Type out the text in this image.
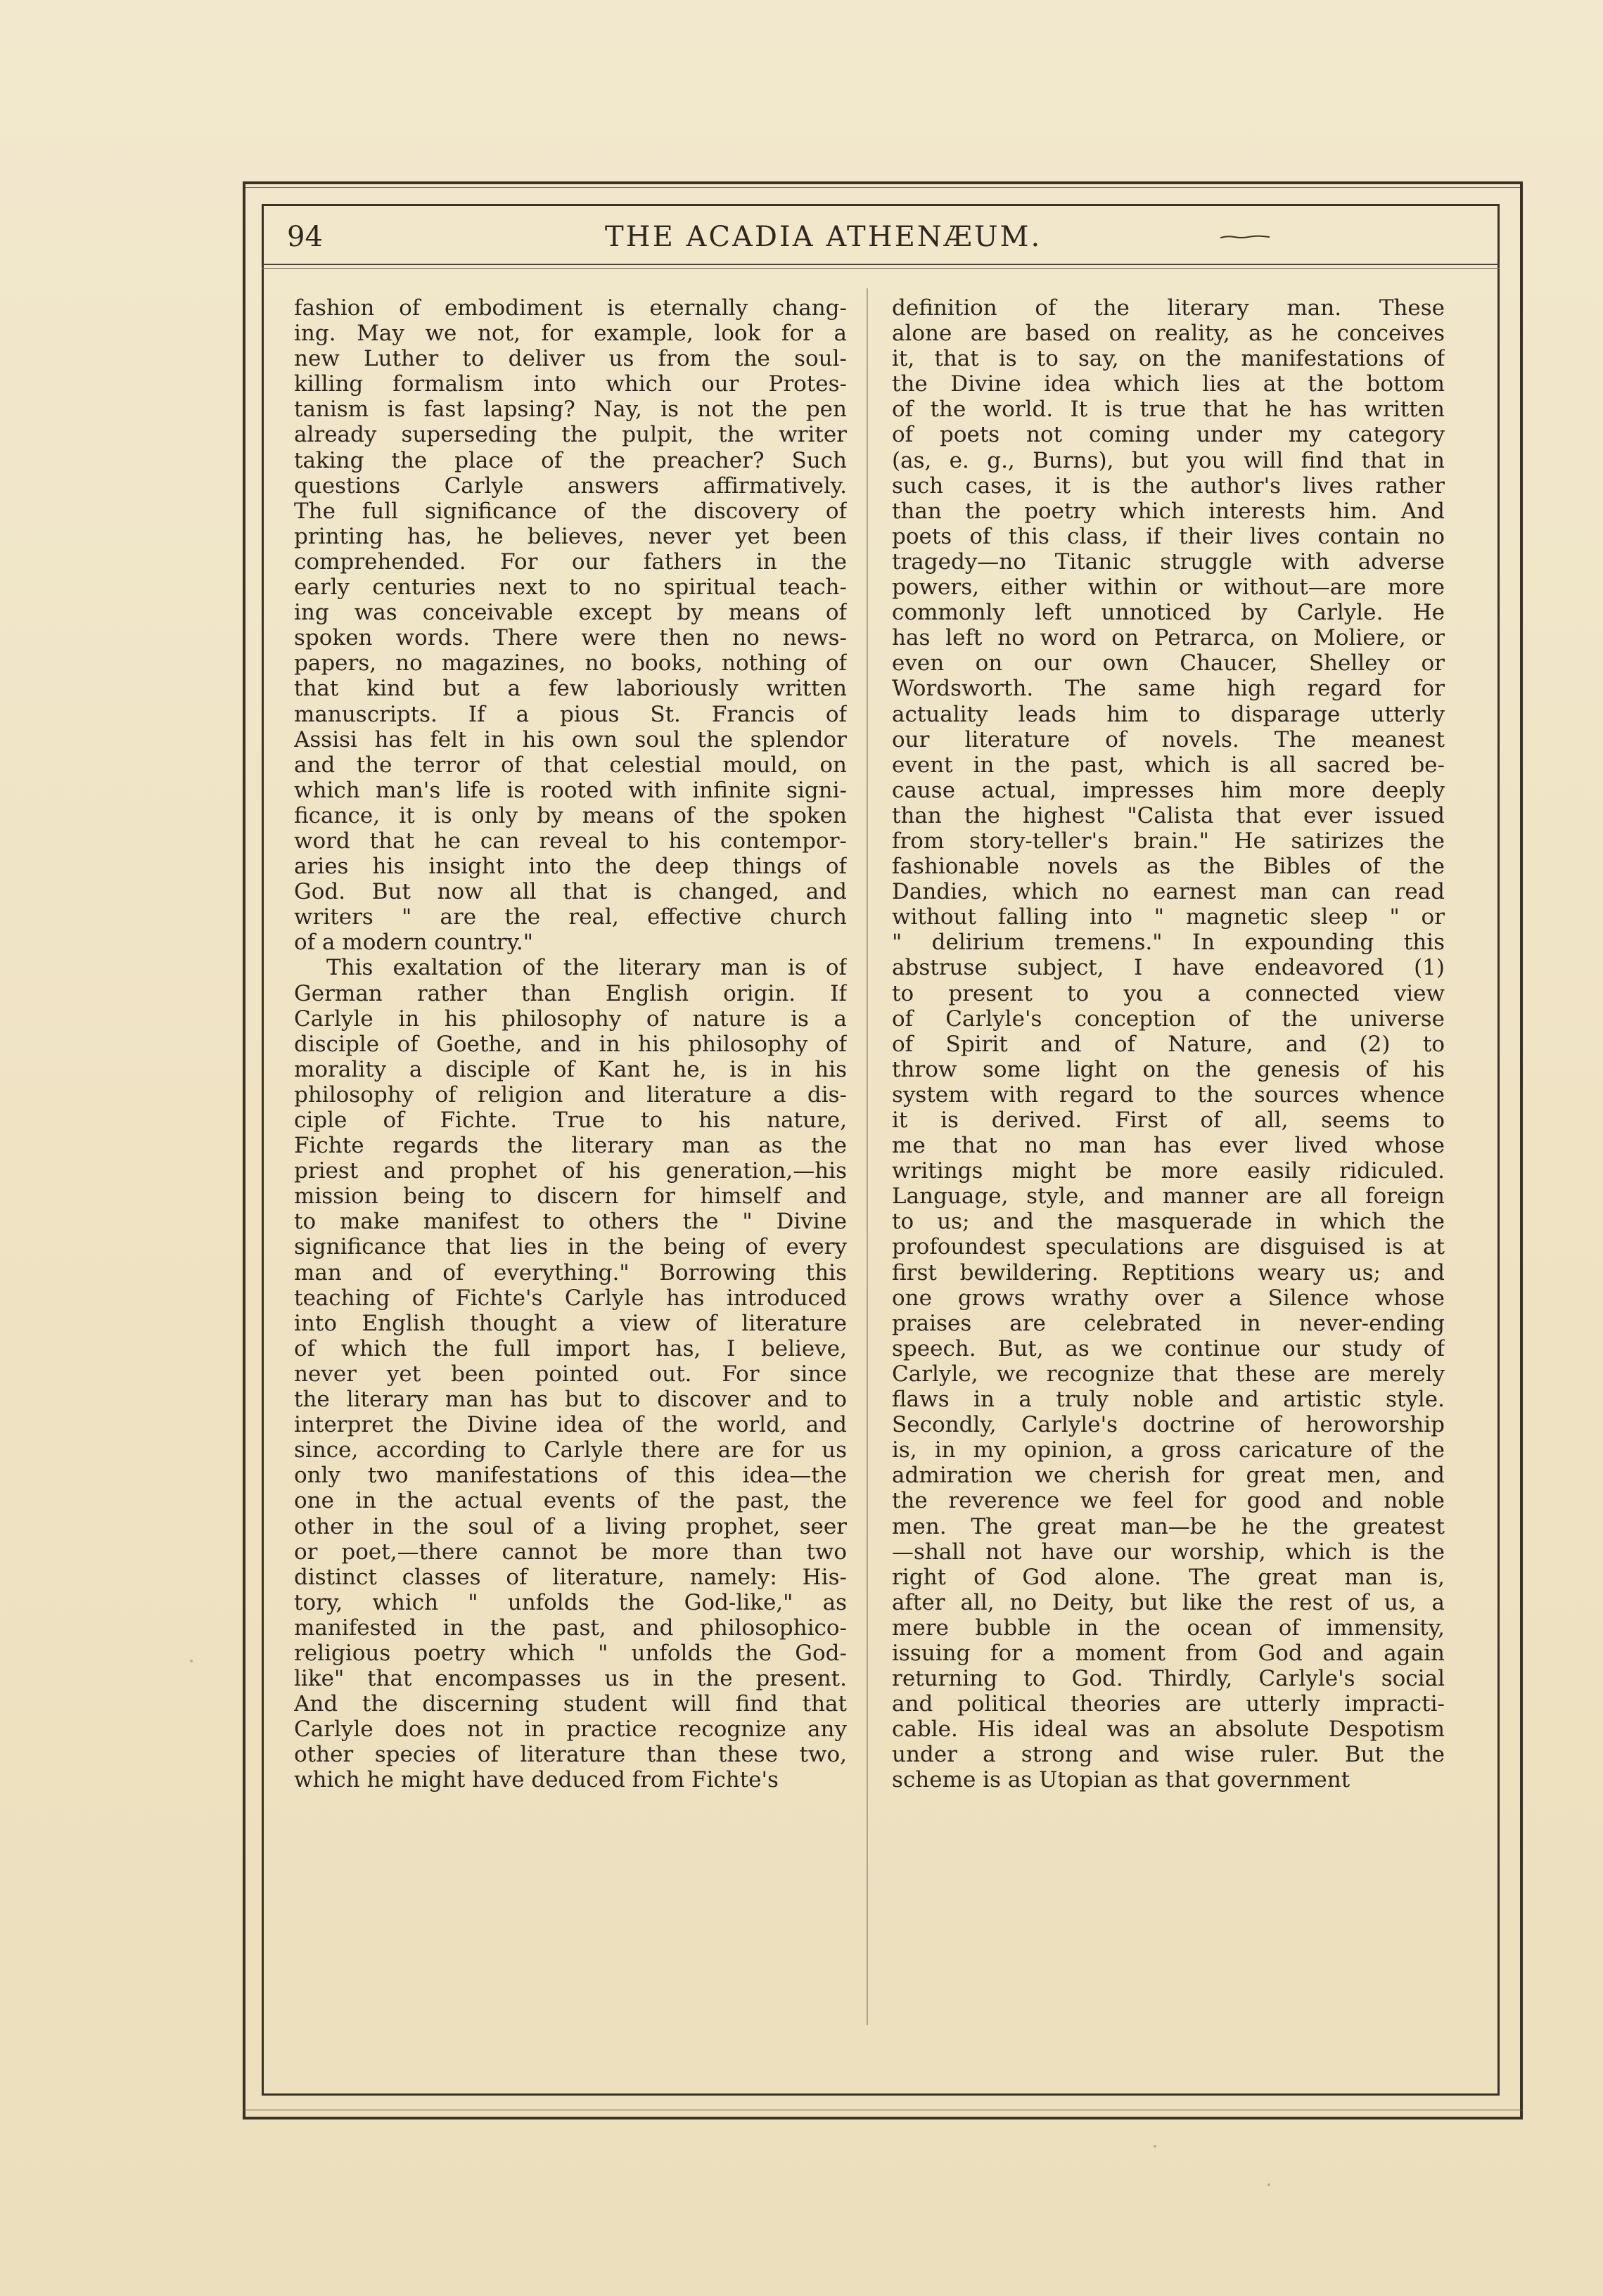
94	THE ACADIA ATHENÆUM.
fashion of embodiment is eternally chang-
ing. May we not, for example, look for a
new Luther to deliver us from the soul-
killing formalism into which our Protes-
tanism is fast lapsing? Nay, is not the pen
already superseding the pulpit, the writer
taking the place of the preacher? Such
questions Carlyle answers affirmatively.
The full significance of the discovery of
printing has, he believes, never yet been
comprehended. For our fathers in the
early centuries next to no spiritual teach-
ing was conceivable except by means of
spoken words. There were then no news-
papers, no magazines, no books, nothing of
that kind but a few laboriously written
manuscripts. If a pious St. Francis of
Assisi has felt in his own soul the splendor
and the terror of that celestial mould, on
which man's life is rooted with infinite signi-
ficance, it is only by means of the spoken
word that he can reveal to his contempor-
aries his insight into the deep things of
God. But now all that is changed, and
writers " are the real, effective church
of a modern country."
This exaltation of the literary man is of
German rather than English origin. If
Carlyle in his philosophy of nature is a
disciple of Goethe, and in his philosophy of
morality a disciple of Kant he, is in his
philosophy of religion and literature a dis-
ciple of Fichte. True to his nature,
Fichte regards the literary man as the
priest and prophet of his generation,—his
mission being to discern for himself and
to make manifest to others the " Divine
significance that lies in the being of every
man and of everything." Borrowing this
teaching of Fichte's Carlyle has introduced
into English thought a view of literature
of which the full import has, I believe,
never yet been pointed out. For since
the literary man has but to discover and to
interpret the Divine idea of the world, and
since, according to Carlyle there are for us
only two manifestations of this idea—the
one in the actual events of the past, the
other in the soul of a living prophet, seer
or poet,—there cannot be more than two
distinct classes of literature, namely: His-
tory, which " unfolds the God-like," as
manifested in the past, and philosophico-
religious poetry which " unfolds the God-
like" that encompasses us in the present.
And the discerning student will find that
Carlyle does not in practice recognize any
other species of literature than these two,
which he might have deduced from Fichte's
definition of the literary man. These
alone are based on reality, as he conceives
it, that is to say, on the manifestations of
the Divine idea which lies at the bottom
of the world. It is true that he has written
of poets not coming under my category
(as, e. g., Burns), but you will find that in
such cases, it is the author's lives rather
than the poetry which interests him. And
poets of this class, if their lives contain no
tragedy—no Titanic struggle with adverse
powers, either within or without—are more
commonly left unnoticed by Carlyle. He
has left no word on Petrarca, on Moliere, or
even on our own Chaucer, Shelley or
Wordsworth. The same high regard for
actuality leads him to disparage utterly
our literature of novels. The meanest
event in the past, which is all sacred be-
cause actual, impresses him more deeply
than the highest "Calista that ever issued
from story-teller's brain." He satirizes the
fashionable novels as the Bibles of the
Dandies, which no earnest man can read
without falling into " magnetic sleep " or
" delirium tremens." In expounding this
abstruse subject, I have endeavored (1)
to present to you a connected view
of Carlyle's conception of the universe
of Spirit and of Nature, and (2) to
throw some light on the genesis of his
system with regard to the sources whence
it is derived. First of all, seems to
me that no man has ever lived whose
writings might be more easily ridiculed.
Language, style, and manner are all foreign
to us; and the masquerade in which the
profoundest speculations are disguised is at
first bewildering. Reptitions weary us; and
one grows wrathy over a Silence whose
praises are celebrated in never-ending
speech. But, as we continue our study of
Carlyle, we recognize that these are merely
flaws in a truly noble and artistic style.
Secondly, Carlyle's doctrine of heroworship
is, in my opinion, a gross caricature of the
admiration we cherish for great men, and
the reverence we feel for good and noble
men. The great man—be he the greatest
—shall not have our worship, which is the
right of God alone. The great man is,
after all, no Deity, but like the rest of us, a
mere bubble in the ocean of immensity,
issuing for a moment from God and again
returning to God. Thirdly, Carlyle's social
and political theories are utterly impracti-
cable. His ideal was an absolute Despotism
under a strong and wise ruler. But the
scheme is as Utopian as that government
